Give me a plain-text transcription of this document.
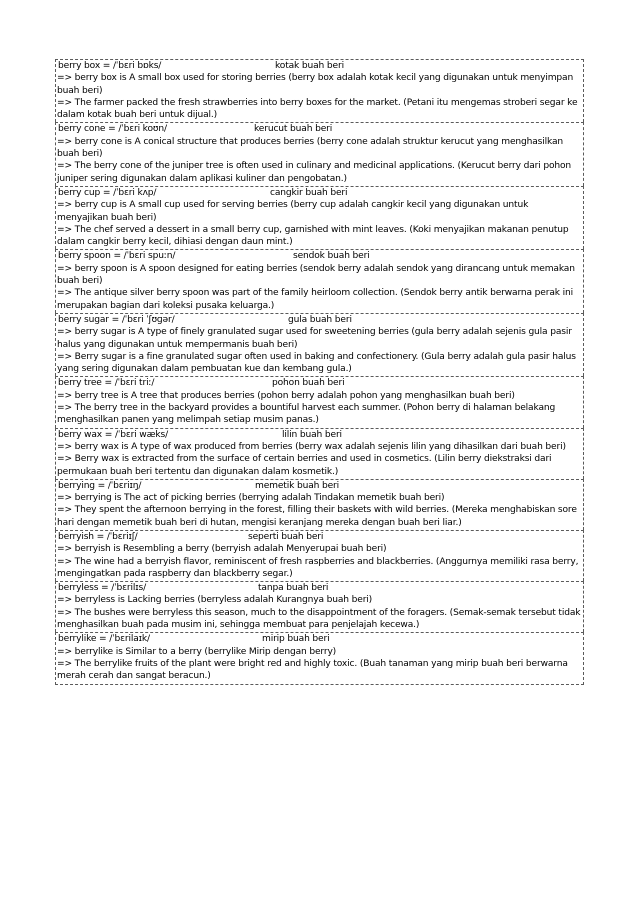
berry box = /ˈbɛri bɒks/	kotak buah beri
=> berry box is A small box used for storing berries (berry box adalah kotak kecil yang digunakan untuk menyimpan buah beri)
=> The farmer packed the fresh strawberries into berry boxes for the market. (Petani itu mengemas stroberi segar ke dalam kotak buah beri untuk dijual.)
berry cone = /ˈbɛri koʊn/	kerucut buah beri
=> berry cone is A conical structure that produces berries (berry cone adalah struktur kerucut yang menghasilkan buah beri)
=> The berry cone of the juniper tree is often used in culinary and medicinal applications. (Kerucut berry dari pohon juniper sering digunakan dalam aplikasi kuliner dan pengobatan.)
berry cup = /ˈbɛri kʌp/	cangkir buah beri
=> berry cup is A small cup used for serving berries (berry cup adalah cangkir kecil yang digunakan untuk menyajikan buah beri)
=> The chef served a dessert in a small berry cup, garnished with mint leaves. (Koki menyajikan makanan penutup dalam cangkir berry kecil, dihiasi dengan daun mint.)
berry spoon = /ˈbɛri spuːn/	sendok buah beri
=> berry spoon is A spoon designed for eating berries (sendok berry adalah sendok yang dirancang untuk memakan buah beri)
=> The antique silver berry spoon was part of the family heirloom collection. (Sendok berry antik berwarna perak ini merupakan bagian dari koleksi pusaka keluarga.)
berry sugar = /ˈbɛri ˈʃʊɡər/	gula buah beri
=> berry sugar is A type of finely granulated sugar used for sweetening berries (gula berry adalah sejenis gula pasir halus yang digunakan untuk mempermanis buah beri)
=> Berry sugar is a fine granulated sugar often used in baking and confectionery. (Gula berry adalah gula pasir halus yang sering digunakan dalam pembuatan kue dan kembang gula.)
berry tree = /ˈbɛri triː/	pohon buah beri
=> berry tree is A tree that produces berries (pohon berry adalah pohon yang menghasilkan buah beri)
=> The berry tree in the backyard provides a bountiful harvest each summer. (Pohon berry di halaman belakang menghasilkan panen yang melimpah setiap musim panas.)
berry wax = /ˈbɛri wæks/	lilin buah beri
=> berry wax is A type of wax produced from berries (berry wax adalah sejenis lilin yang dihasilkan dari buah beri)
=> Berry wax is extracted from the surface of certain berries and used in cosmetics. (Lilin berry diekstraksi dari permukaan buah beri tertentu dan digunakan dalam kosmetik.)
berrying = /ˈbɛriɪŋ/	memetik buah beri
=> berrying is The act of picking berries (berrying adalah Tindakan memetik buah beri)
=> They spent the afternoon berrying in the forest, filling their baskets with wild berries. (Mereka menghabiskan sore hari dengan memetik buah beri di hutan, mengisi keranjang mereka dengan buah beri liar.)
berryish = /ˈbɛriɪʃ/	seperti buah beri
=> berryish is Resembling a berry (berryish adalah Menyerupai buah beri)
=> The wine had a berryish flavor, reminiscent of fresh raspberries and blackberries. (Anggurnya memiliki rasa berry, mengingatkan pada raspberry dan blackberry segar.)
berryless = /ˈbɛrilɪs/	tanpa buah beri
=> berryless is Lacking berries (berryless adalah Kurangnya buah beri)
=> The bushes were berryless this season, much to the disappointment of the foragers. (Semak-semak tersebut tidak menghasilkan buah pada musim ini, sehingga membuat para penjelajah kecewa.)
berrylike = /ˈbɛrilaɪk/	mirip buah beri
=> berrylike is Similar to a berry (berrylike Mirip dengan berry)
=> The berrylike fruits of the plant were bright red and highly toxic. (Buah tanaman yang mirip buah beri berwarna merah cerah dan sangat beracun.)
